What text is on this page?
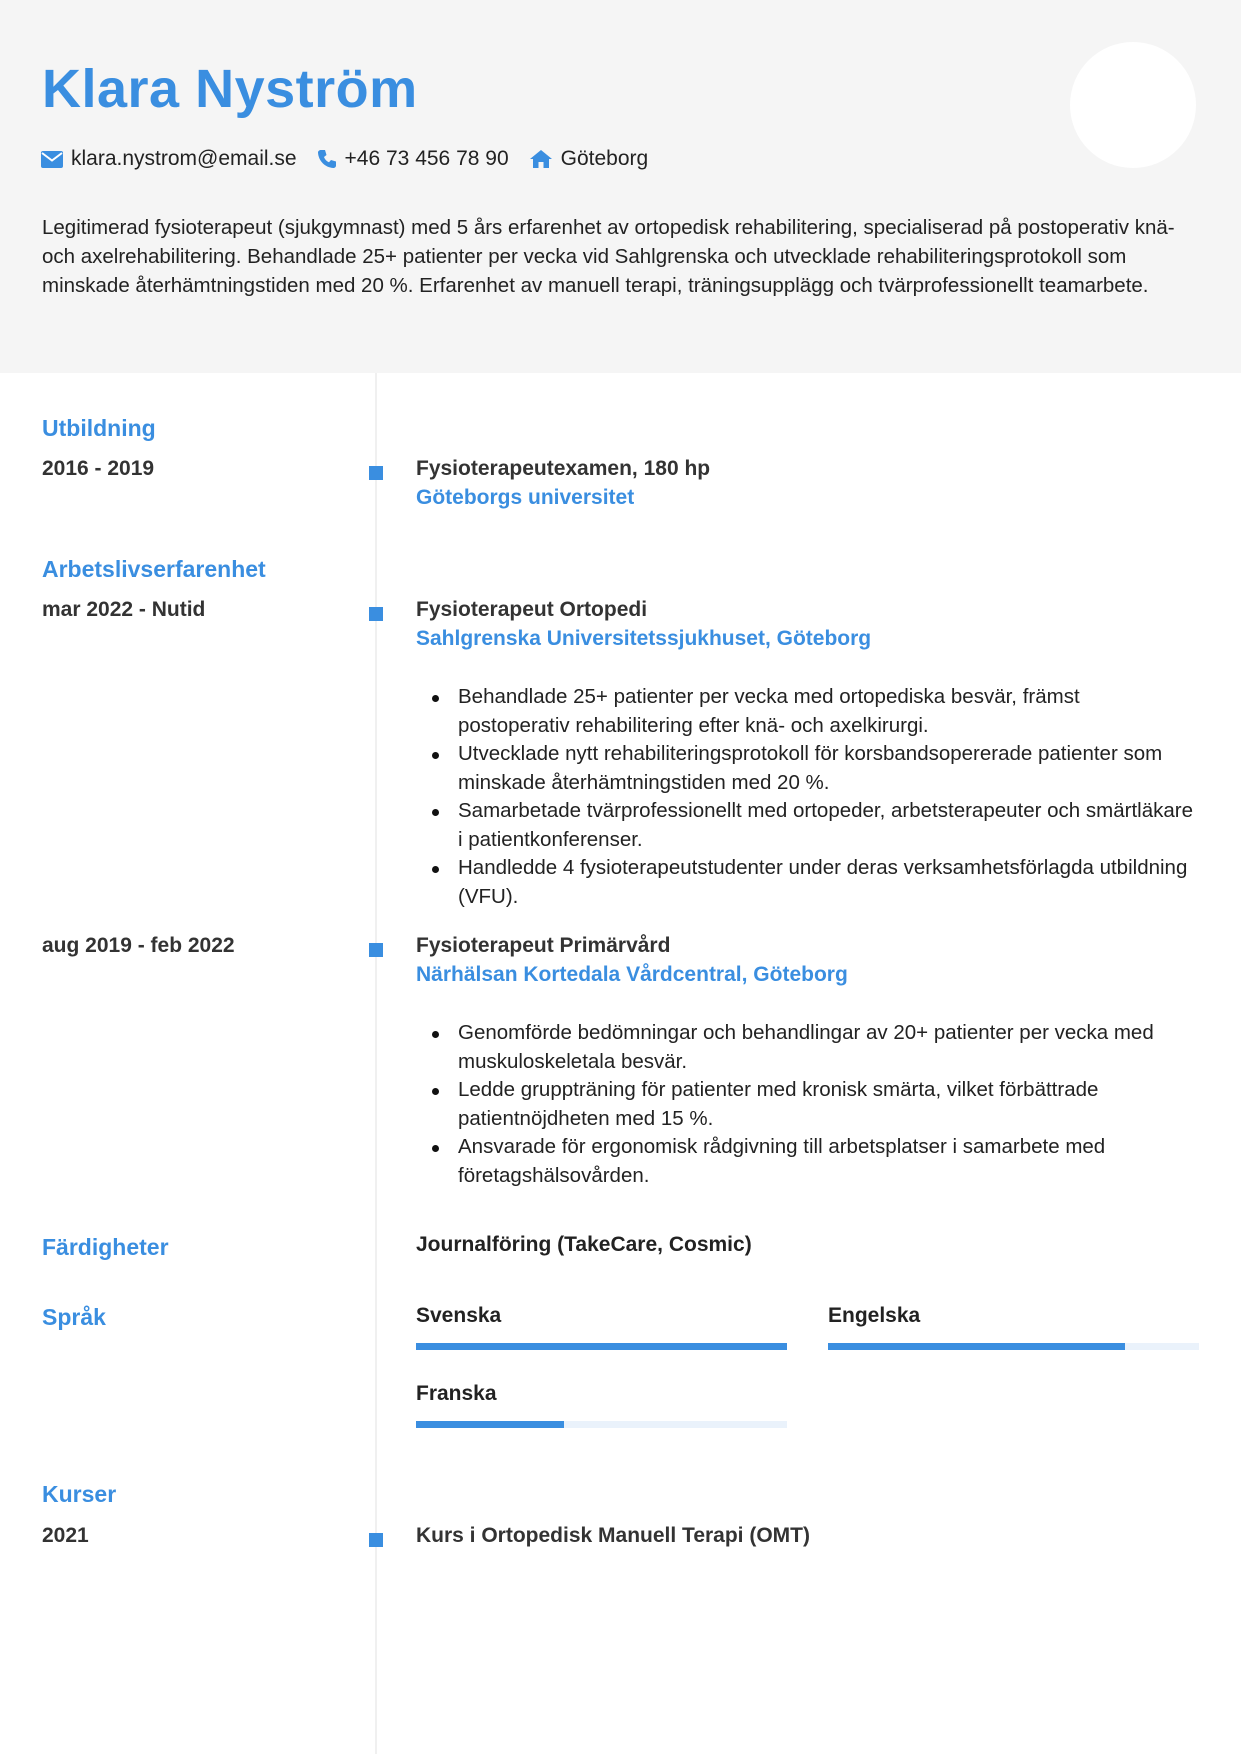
Klara Nyström
klara.nystrom@email.se +46 73 456 78 90 Göteborg
Legitimerad fysioterapeut (sjukgymnast) med 5 års erfarenhet av ortopedisk rehabilitering, specialiserad på postoperativ knä- och axelrehabilitering. Behandlade 25+ patienter per vecka vid Sahlgrenska och utvecklade rehabiliteringsprotokoll som minskade återhämtningstiden med 20 %. Erfarenhet av manuell terapi, träningsupplägg och tvärprofessionellt teamarbete.
Utbildning
2016 - 2019	Fysioterapeutexamen, 180 hp
Göteborgs universitet
Arbetslivserfarenhet
mar 2022 - Nutid	Fysioterapeut Ortopedi
Sahlgrenska Universitetssjukhuset, Göteborg
Behandlade 25+ patienter per vecka med ortopediska besvär, främst postoperativ rehabilitering efter knä- och axelkirurgi.
Utvecklade nytt rehabiliteringsprotokoll för korsbandsopererade patienter som minskade återhämtningstiden med 20 %.
Samarbetade tvärprofessionellt med ortopeder, arbetsterapeuter och smärtläkare i patientkonferenser.
Handledde 4 fysioterapeutstudenter under deras verksamhetsförlagda utbildning (VFU).
aug 2019 - feb 2022	Fysioterapeut Primärvård
Närhälsan Kortedala Vårdcentral, Göteborg
Genomförde bedömningar och behandlingar av 20+ patienter per vecka med muskuloskeletala besvär.
Ledde gruppträning för patienter med kronisk smärta, vilket förbättrade patientnöjdheten med 15 %.
Ansvarade för ergonomisk rådgivning till arbetsplatser i samarbete med företagshälsovården.
Färdigheter	Journalföring (TakeCare, Cosmic)
Språk	Svenska	Engelska
Franska
Kurser
2021	Kurs i Ortopedisk Manuell Terapi (OMT)
